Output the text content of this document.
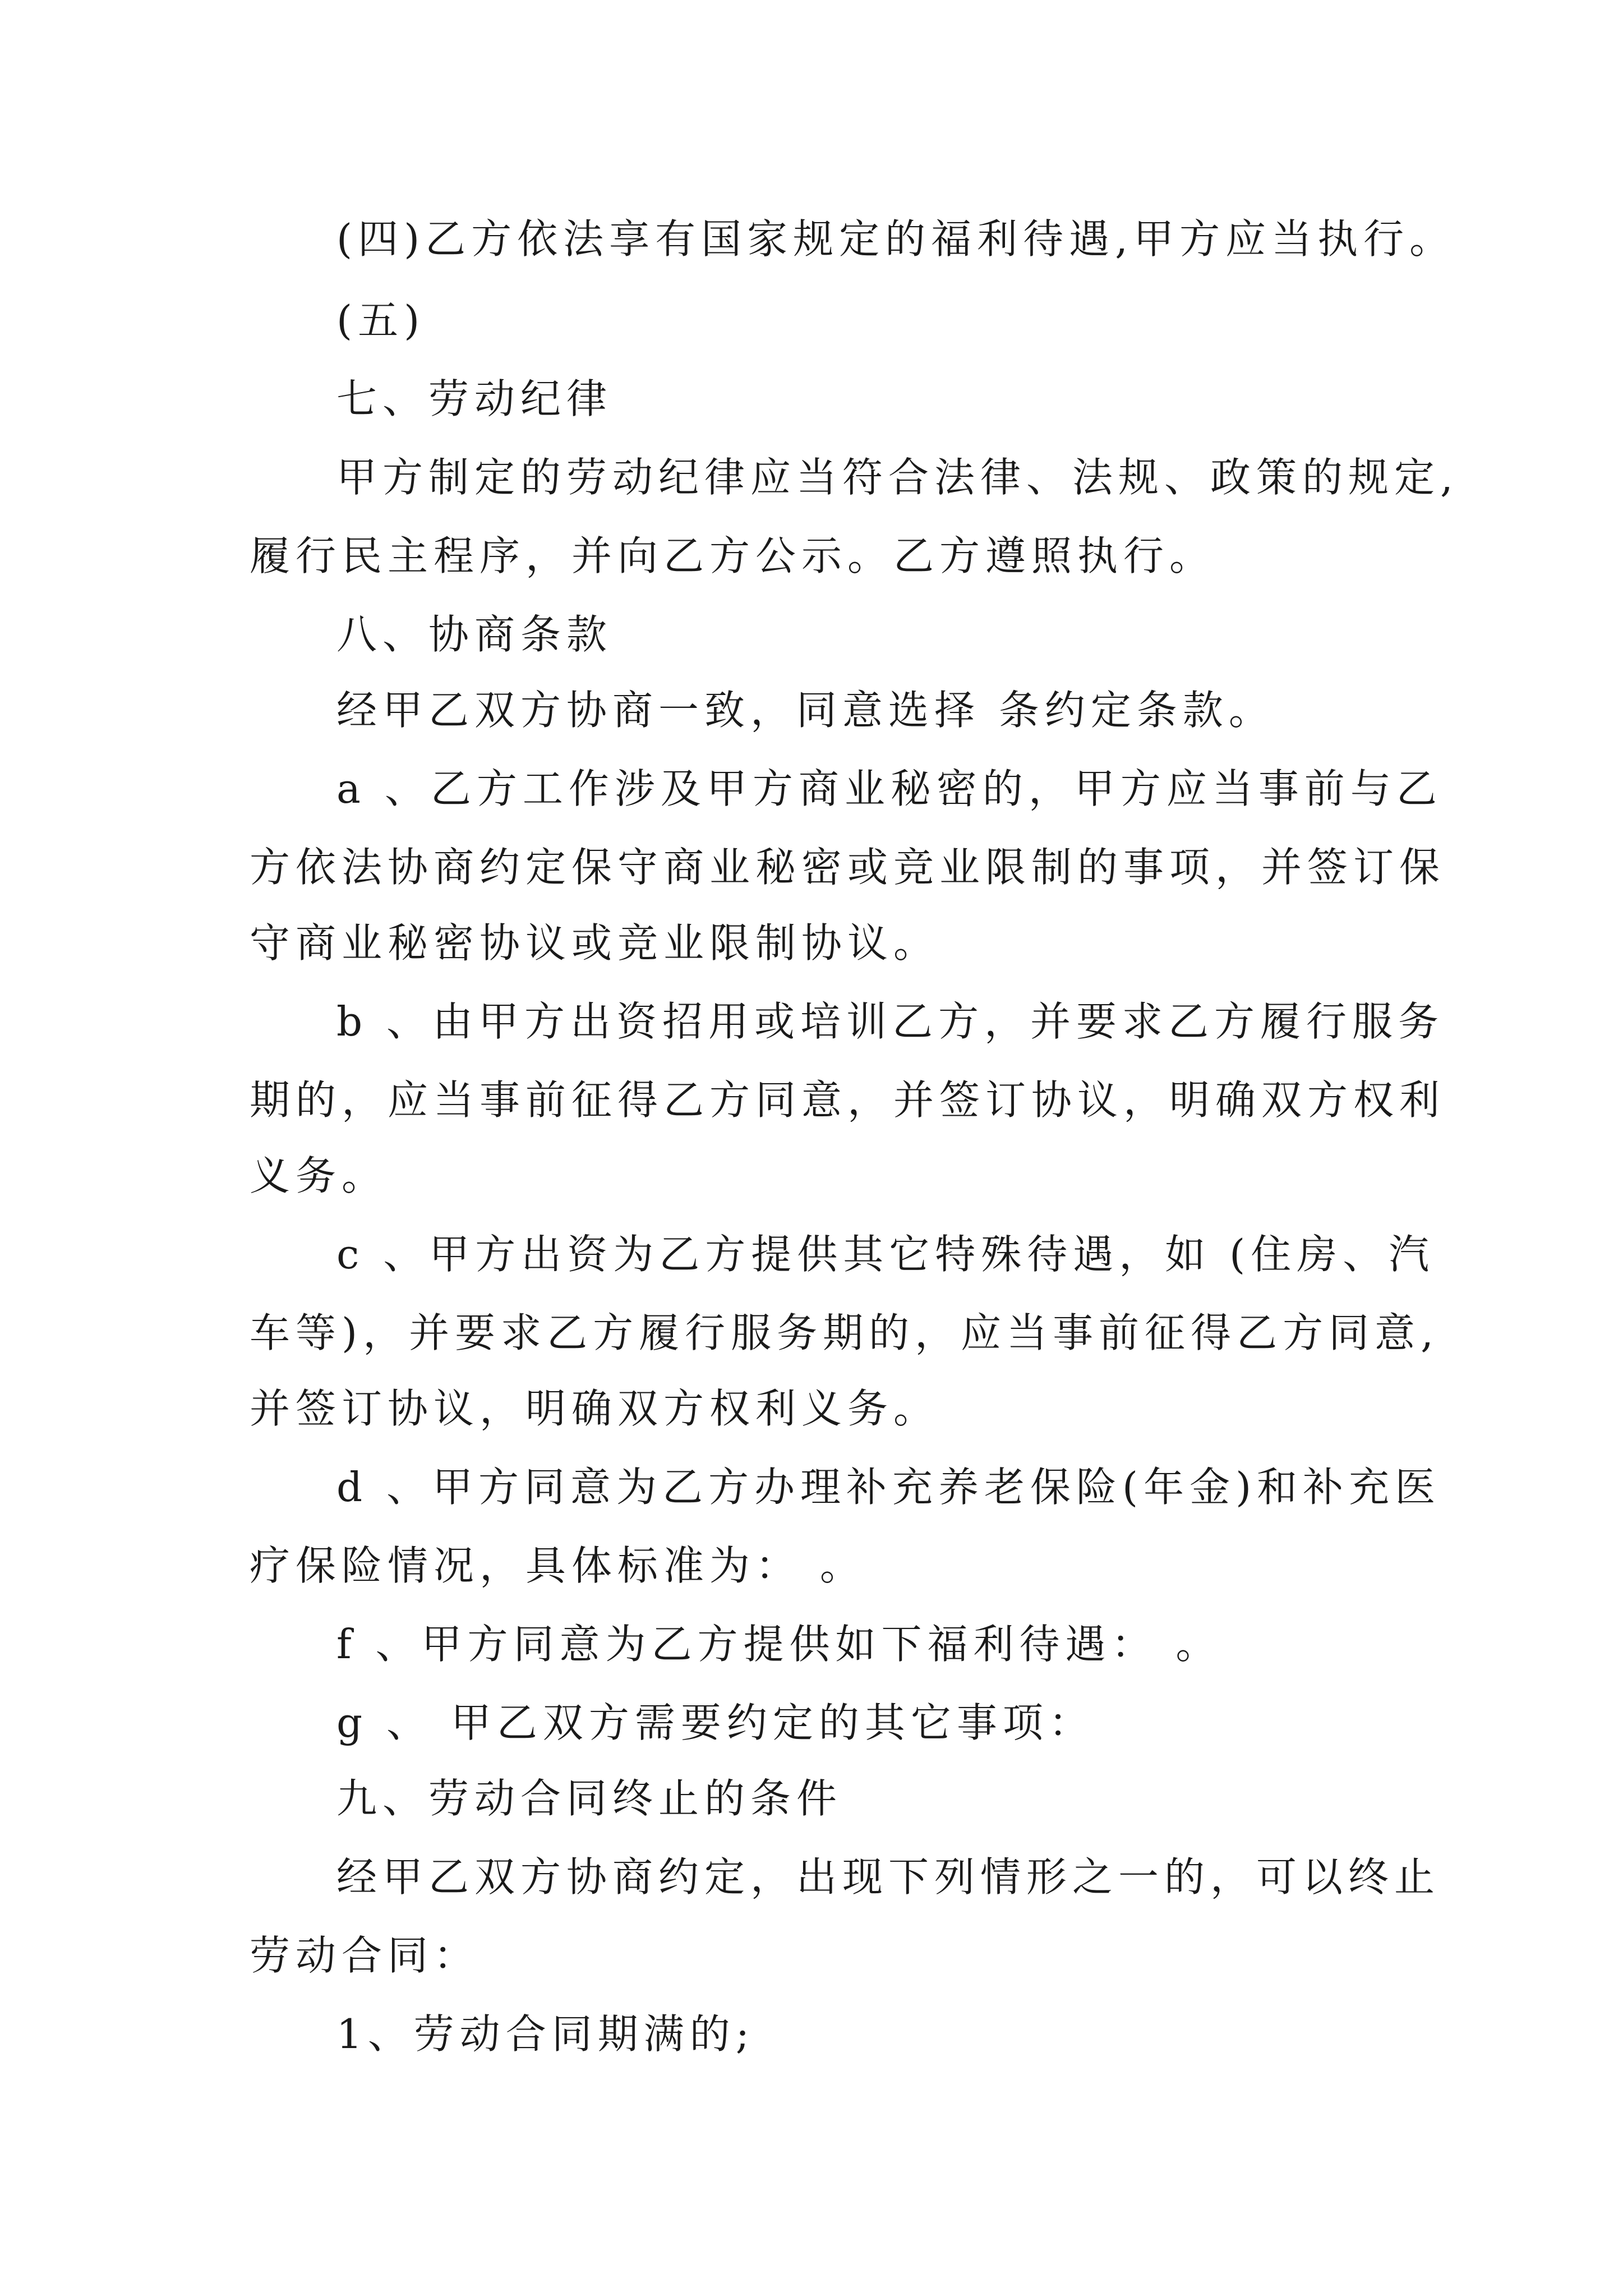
(四)乙方依法享有国家规定的福利待遇,甲方应当执行。
(五)
七、劳动纪律
甲方制定的劳动纪律应当符合法律、法规、政策的规定,
履行民主程序，并向乙方公示。乙方遵照执行。
八、协商条款
经甲乙双方协商一致，同意选择 条约定条款。
a 、乙方工作涉及甲方商业秘密的，甲方应当事前与乙
方依法协商约定保守商业秘密或竞业限制的事项，并签订保
守商业秘密协议或竞业限制协议。
b 、由甲方出资招用或培训乙方，并要求乙方履行服务
期的，应当事前征得乙方同意，并签订协议，明确双方权利
义务。
c 、甲方出资为乙方提供其它特殊待遇，如 (住房、汽
车等)，并要求乙方履行服务期的，应当事前征得乙方同意,
并签订协议，明确双方权利义务。
d 、甲方同意为乙方办理补充养老保险(年金)和补充医
疗保险情况，具体标准为： 。
f 、甲方同意为乙方提供如下福利待遇： 。
g 、 甲乙双方需要约定的其它事项：
九、劳动合同终止的条件
经甲乙双方协商约定，出现下列情形之一的，可以终止
劳动合同：
1、劳动合同期满的;
